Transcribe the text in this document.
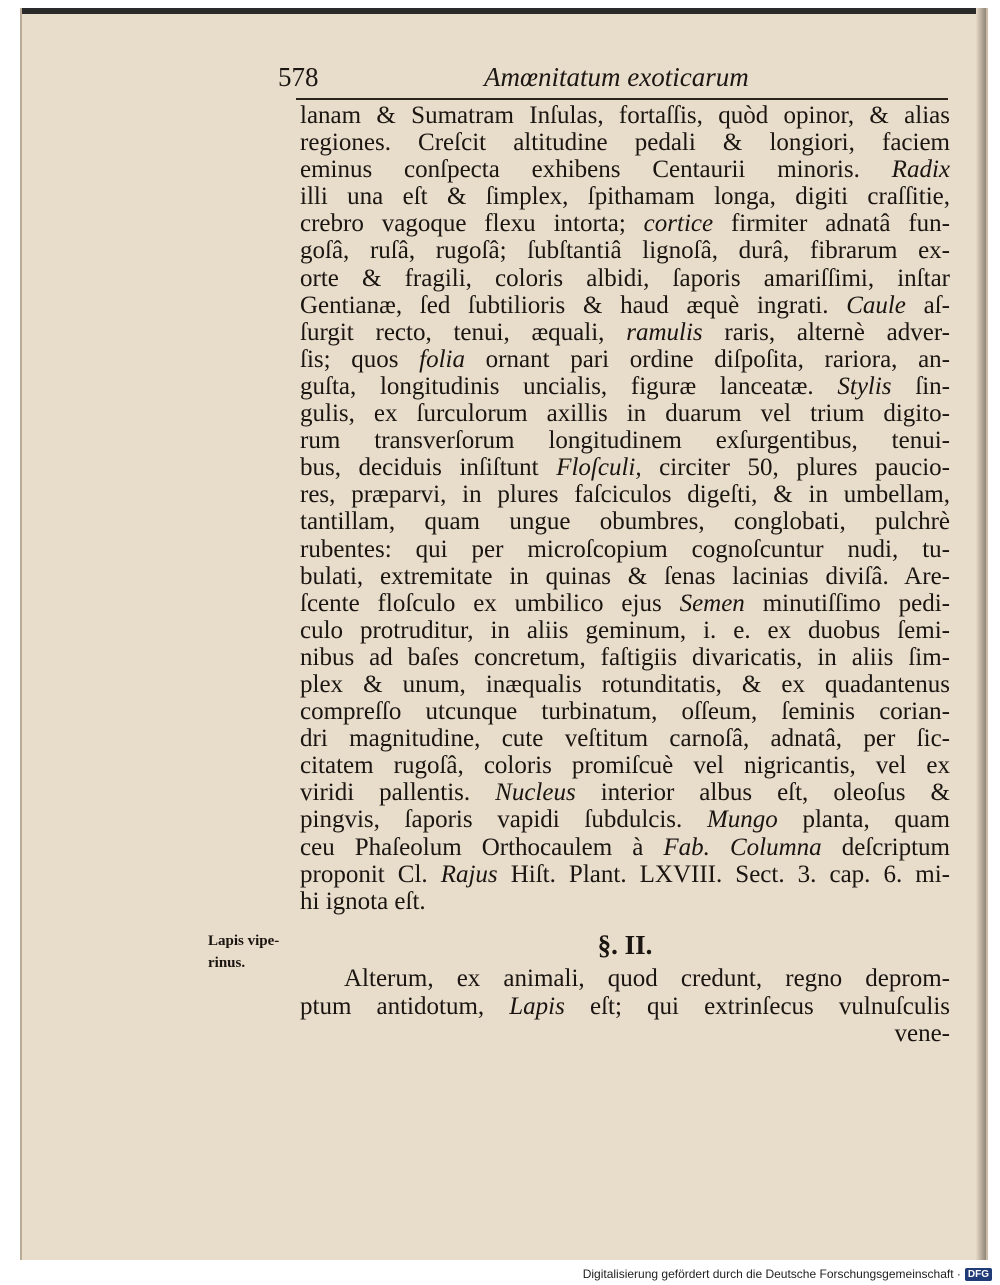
578	Amœnitatum exoticarum
lanam & Sumatram Inſulas, fortaſſis, quòd opinor, & alias
regiones. Creſcit altitudine pedali & longiori, faciem
eminus conſpecta exhibens Centaurii minoris. Radix
illi una eſt & ſimplex, ſpithamam longa, digiti craſſitie,
crebro vagoque flexu intorta; cortice firmiter adnatâ fun-
goſâ, ruſâ, rugoſâ; ſubſtantiâ lignoſâ, durâ, fibrarum ex-
orte & fragili, coloris albidi, ſaporis amariſſimi, inſtar
Gentianæ, ſed ſubtilioris & haud æquè ingrati. Caule aſ-
ſurgit recto, tenui, æquali, ramulis raris, alternè adver-
ſis; quos folia ornant pari ordine diſpoſita, rariora, an-
guſta, longitudinis uncialis, figuræ lanceatæ. Stylis ſin-
gulis, ex ſurculorum axillis in duarum vel trium digito-
rum transverſorum longitudinem exſurgentibus, tenui-
bus, deciduis inſiſtunt Floſculi, circiter 50, plures paucio-
res, præparvi, in plures faſciculos digeſti, & in umbellam,
tantillam, quam ungue obumbres, conglobati, pulchrè
rubentes: qui per microſcopium cognoſcuntur nudi, tu-
bulati, extremitate in quinas & ſenas lacinias diviſâ. Are-
ſcente floſculo ex umbilico ejus Semen minutiſſimo pedi-
culo protruditur, in aliis geminum, i. e. ex duobus ſemi-
nibus ad baſes concretum, faſtigiis divaricatis, in aliis ſim-
plex & unum, inæqualis rotunditatis, & ex quadantenus
compreſſo utcunque turbinatum, oſſeum, ſeminis corian-
dri magnitudine, cute veſtitum carnoſâ, adnatâ, per ſic-
citatem rugoſâ, coloris promiſcuè vel nigricantis, vel ex
viridi pallentis. Nucleus interior albus eſt, oleoſus &
pingvis, ſaporis vapidi ſubdulcis. Mungo planta, quam
ceu Phaſeolum Orthocaulem à Fab. Columna deſcriptum
proponit Cl. Rajus Hiſt. Plant. LXVIII. Sect. 3. cap. 6. mi-
hi ignota eſt.
Lapis vipe-
rinus.
§. II.
Alterum, ex animali, quod credunt, regno deprom-
ptum antidotum, Lapis eſt; qui extrinſecus vulnuſculis
vene-
Digitalisierung gefördert durch die Deutsche Forschungsgemeinschaft · DFG
